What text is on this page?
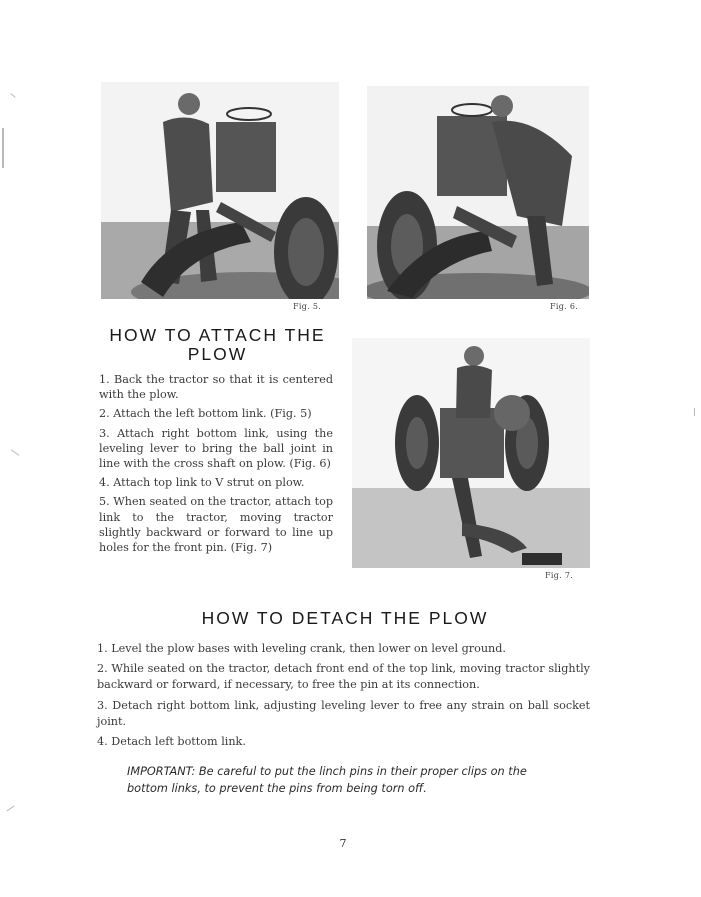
Fig. 5.	Fig. 6.
Fig. 7.
HOW TO ATTACH THE PLOW

1. Back the tractor so that it is centered with the plow.

2. Attach the left bottom link. (Fig. 5)

3. Attach right bottom link, using the leveling lever to bring the ball joint in line with the cross shaft on plow. (Fig. 6)

4. Attach top link to V strut on plow.

5. When seated on the tractor, attach top link to the tractor, moving tractor slightly backward or forward to line up holes for the front pin. (Fig. 7)

HOW TO DETACH THE PLOW

1. Level the plow bases with leveling crank, then lower on level ground.

2. While seated on the tractor, detach front end of the top link, moving tractor slightly backward or forward, if necessary, to free the pin at its connection.

3. Detach right bottom link, adjusting leveling lever to free any strain on ball socket joint.

4. Detach left bottom link.

IMPORTANT: Be careful to put the linch pins in their proper clips on the bottom links, to prevent the pins from being torn off.
7
